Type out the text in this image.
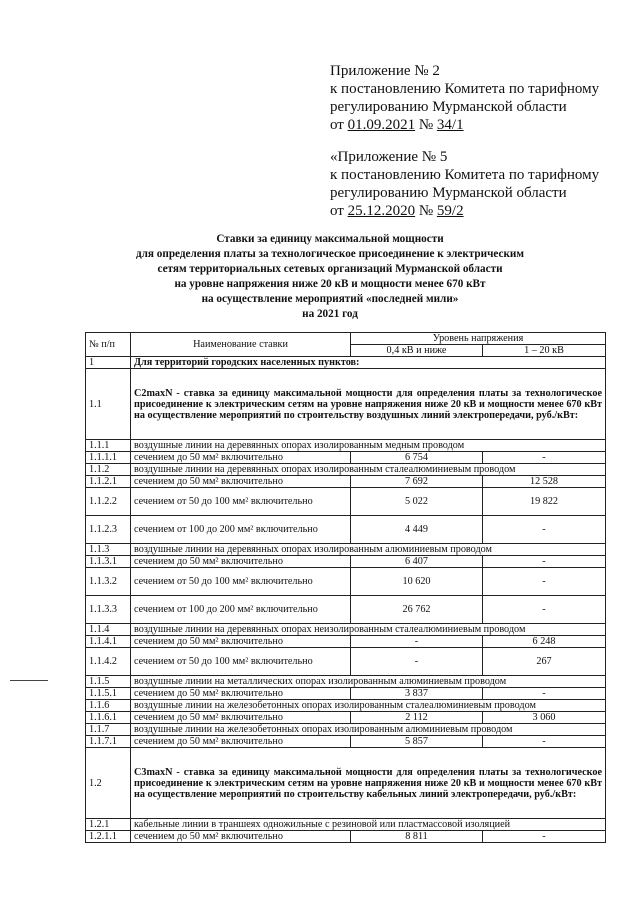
Приложение № 2
к постановлению Комитета по тарифному
регулированию Мурманской области
от 01.09.2021 № 34/1
«Приложение № 5
к постановлению Комитета по тарифному
регулированию Мурманской области
от 25.12.2020 № 59/2
Ставки за единицу максимальной мощности
для определения платы за технологическое присоединение к электрическим
сетям территориальных сетевых организаций Мурманской области
на уровне напряжения ниже 20 кВ и мощности менее 670 кВт
на осуществление мероприятий «последней мили»
на 2021 год
№ п/п	Наименование ставки	Уровень напряжения	
		0,4 кВ и ниже	1 – 20 кВ
1	Для территорий городских населенных пунктов:		
1.1	C2maxN - ставка за единицу максимальной мощности для определения платы за технологическое присоединение к электрическим сетям на уровне напряжения ниже 20 кВ и мощности менее 670 кВт на осуществление мероприятий по строительству воздушных линий электропередачи, руб./кВт:		
1.1.1	воздушные линии на деревянных опорах изолированным медным проводом		
1.1.1.1	сечением до 50 мм² включительно	6 754	-
1.1.2	воздушные линии на деревянных опорах изолированным сталеалюминиевым проводом		
1.1.2.1	сечением до 50 мм² включительно	7 692	12 528
1.1.2.2	сечением от 50 до 100 мм² включительно	5 022	19 822
1.1.2.3	сечением от 100 до 200 мм² включительно	4 449	-
1.1.3	воздушные линии на деревянных опорах изолированным алюминиевым проводом		
1.1.3.1	сечением до 50 мм² включительно	6 407	-
1.1.3.2	сечением от 50 до 100 мм² включительно	10 620	-
1.1.3.3	сечением от 100 до 200 мм² включительно	26 762	-
1.1.4	воздушные линии на деревянных опорах неизолированным сталеалюминиевым проводом		
1.1.4.1	сечением до 50 мм² включительно	-	6 248
1.1.4.2	сечением от 50 до 100 мм² включительно	-	267
1.1.5	воздушные линии на металлических опорах изолированным алюминиевым проводом		
1.1.5.1	сечением до 50 мм² включительно	3 837	-
1.1.6	воздушные линии на железобетонных опорах изолированным сталеалюминиевым проводом		
1.1.6.1	сечением до 50 мм² включительно	2 112	3 060
1.1.7	воздушные линии на железобетонных опорах изолированным алюминиевым проводом		
1.1.7.1	сечением до 50 мм² включительно	5 857	-
1.2	C3maxN - ставка за единицу максимальной мощности для определения платы за технологическое присоединение к электрическим сетям на уровне напряжения ниже 20 кВ и мощности менее 670 кВт на осуществление мероприятий по строительству кабельных линий электропередачи, руб./кВт:		
1.2.1	кабельные линии в траншеях одножильные с резиновой или пластмассовой изоляцией		
1.2.1.1	сечением до 50 мм² включительно	8 811	-
